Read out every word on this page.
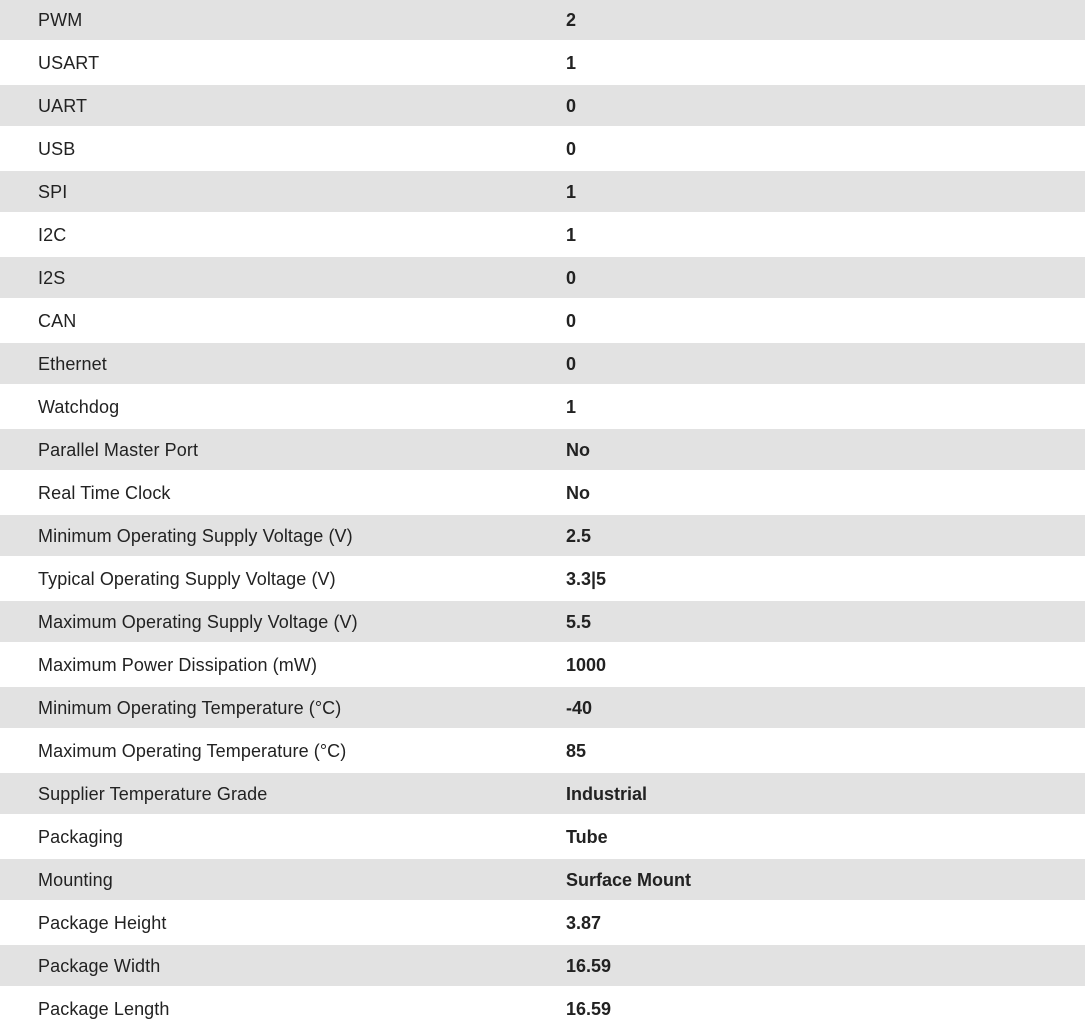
PWM	2
USART	1
UART	0
USB	0
SPI	1
I2C	1
I2S	0
CAN	0
Ethernet	0
Watchdog	1
Parallel Master Port	No
Real Time Clock	No
Minimum Operating Supply Voltage (V)	2.5
Typical Operating Supply Voltage (V)	3.3|5
Maximum Operating Supply Voltage (V)	5.5
Maximum Power Dissipation (mW)	1000
Minimum Operating Temperature (°C)	-40
Maximum Operating Temperature (°C)	85
Supplier Temperature Grade	Industrial
Packaging	Tube
Mounting	Surface Mount
Package Height	3.87
Package Width	16.59
Package Length	16.59
